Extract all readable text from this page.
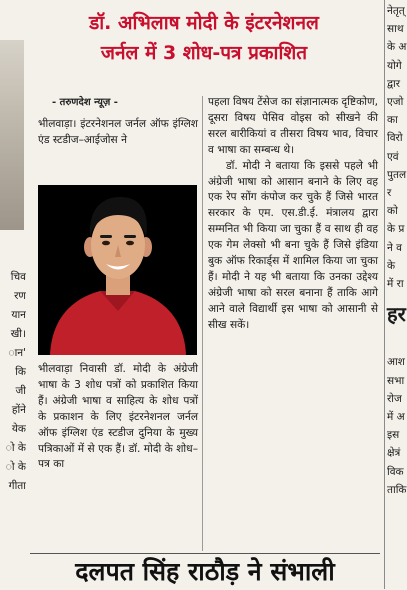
चिव
रण
यान
खी।
ान'
कि
जी
होंने
येक
ो के
ो के
गीता
नेतृत्
साथ
के अ
योगे
द्वार
एजो
का
विरो
एवं
पुतल
र
को
के प्र
ने व
के
में रा
हर

आश
सभा
रोज
में अ
इस
क्षेत्रं
विक
ताकि
डॉ. अभिलाष मोदी के इंटरनेशनल
जर्नल में 3 शोध-पत्र प्रकाशित
- तरुणदेश न्यूज़ -
भीलवाड़ा। इंटरनेशनल जर्नल ऑफ इंग्लिश एंड स्टडीज–आईजोस ने
भीलवाड़ा निवासी डॉ. मोदी के अंग्रेजी भाषा के 3 शोध पत्रों को प्रकाशित किया हैं। अंग्रेजी भाषा व साहित्य के शोध पत्रों के प्रकाशन के लिए इंटरनेशनल जर्नल ऑफ इंग्लिश एंड स्टडीज दुनिया के मुख्य पत्रिकाओं में से एक हैं। डॉ. मोदी के शोध–पत्र का
पहला विषय टेंसेज का संज्ञानात्मक दृष्टिकोण, दूसरा विषय पेसिव वोइस को सीखने की सरल बारीकियां व तीसरा विषय भाव, विचार व भाषा का सम्बन्ध थे।
डॉ. मोदी ने बताया कि इससे पहले भी अंग्रेजी भाषा को आसान बनाने के लिए वह एक रेप सोंग कंपोज कर चुके हैं जिसे भारत सरकार के एम. एस.डी.ई. मंत्रालय द्वारा सम्मनित भी किया जा चुका हैं व साथ ही वह एक गेम लेक्सो भी बना चुके हैं जिसे इंडिया बुक ऑफ रिकार्ड्स में शामिल किया जा चुका हैं। मोदी ने यह भी बताया कि उनका उद्देश्य अंग्रेजी भाषा को सरल बनाना हैं ताकि आगे आने वाले विद्यार्थी इस भाषा को आसानी से सीख सकें।
दलपत सिंह राठौड़ ने संभाली
